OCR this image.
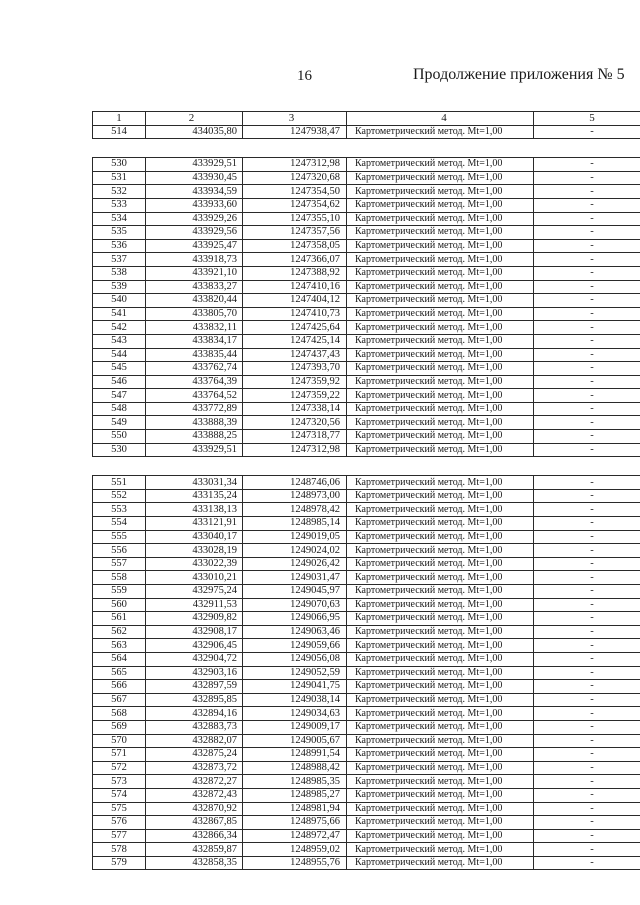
16	Продолжение приложения № 5
1	2	3	4	5
514	434035,80	1247938,47	Картометрический метод. Mt=1,00	-

530	433929,51	1247312,98	Картометрический метод. Mt=1,00	-
531	433930,45	1247320,68	Картометрический метод. Mt=1,00	-
532	433934,59	1247354,50	Картометрический метод. Mt=1,00	-
533	433933,60	1247354,62	Картометрический метод. Mt=1,00	-
534	433929,26	1247355,10	Картометрический метод. Mt=1,00	-
535	433929,56	1247357,56	Картометрический метод. Mt=1,00	-
536	433925,47	1247358,05	Картометрический метод. Mt=1,00	-
537	433918,73	1247366,07	Картометрический метод. Mt=1,00	-
538	433921,10	1247388,92	Картометрический метод. Mt=1,00	-
539	433833,27	1247410,16	Картометрический метод. Mt=1,00	-
540	433820,44	1247404,12	Картометрический метод. Mt=1,00	-
541	433805,70	1247410,73	Картометрический метод. Mt=1,00	-
542	433832,11	1247425,64	Картометрический метод. Mt=1,00	-
543	433834,17	1247425,14	Картометрический метод. Mt=1,00	-
544	433835,44	1247437,43	Картометрический метод. Mt=1,00	-
545	433762,74	1247393,70	Картометрический метод. Mt=1,00	-
546	433764,39	1247359,92	Картометрический метод. Mt=1,00	-
547	433764,52	1247359,22	Картометрический метод. Mt=1,00	-
548	433772,89	1247338,14	Картометрический метод. Mt=1,00	-
549	433888,39	1247320,56	Картометрический метод. Mt=1,00	-
550	433888,25	1247318,77	Картометрический метод. Mt=1,00	-
530	433929,51	1247312,98	Картометрический метод. Mt=1,00	-

551	433031,34	1248746,06	Картометрический метод. Mt=1,00	-
552	433135,24	1248973,00	Картометрический метод. Mt=1,00	-
553	433138,13	1248978,42	Картометрический метод. Mt=1,00	-
554	433121,91	1248985,14	Картометрический метод. Mt=1,00	-
555	433040,17	1249019,05	Картометрический метод. Mt=1,00	-
556	433028,19	1249024,02	Картометрический метод. Mt=1,00	-
557	433022,39	1249026,42	Картометрический метод. Mt=1,00	-
558	433010,21	1249031,47	Картометрический метод. Mt=1,00	-
559	432975,24	1249045,97	Картометрический метод. Mt=1,00	-
560	432911,53	1249070,63	Картометрический метод. Mt=1,00	-
561	432909,82	1249066,95	Картометрический метод. Mt=1,00	-
562	432908,17	1249063,46	Картометрический метод. Mt=1,00	-
563	432906,45	1249059,66	Картометрический метод. Mt=1,00	-
564	432904,72	1249056,08	Картометрический метод. Mt=1,00	-
565	432903,16	1249052,59	Картометрический метод. Mt=1,00	-
566	432897,59	1249041,75	Картометрический метод. Mt=1,00	-
567	432895,85	1249038,14	Картометрический метод. Mt=1,00	-
568	432894,16	1249034,63	Картометрический метод. Mt=1,00	-
569	432883,73	1249009,17	Картометрический метод. Mt=1,00	-
570	432882,07	1249005,67	Картометрический метод. Mt=1,00	-
571	432875,24	1248991,54	Картометрический метод. Mt=1,00	-
572	432873,72	1248988,42	Картометрический метод. Mt=1,00	-
573	432872,27	1248985,35	Картометрический метод. Mt=1,00	-
574	432872,43	1248985,27	Картометрический метод. Mt=1,00	-
575	432870,92	1248981,94	Картометрический метод. Mt=1,00	-
576	432867,85	1248975,66	Картометрический метод. Mt=1,00	-
577	432866,34	1248972,47	Картометрический метод. Mt=1,00	-
578	432859,87	1248959,02	Картометрический метод. Mt=1,00	-
579	432858,35	1248955,76	Картометрический метод. Mt=1,00	-
